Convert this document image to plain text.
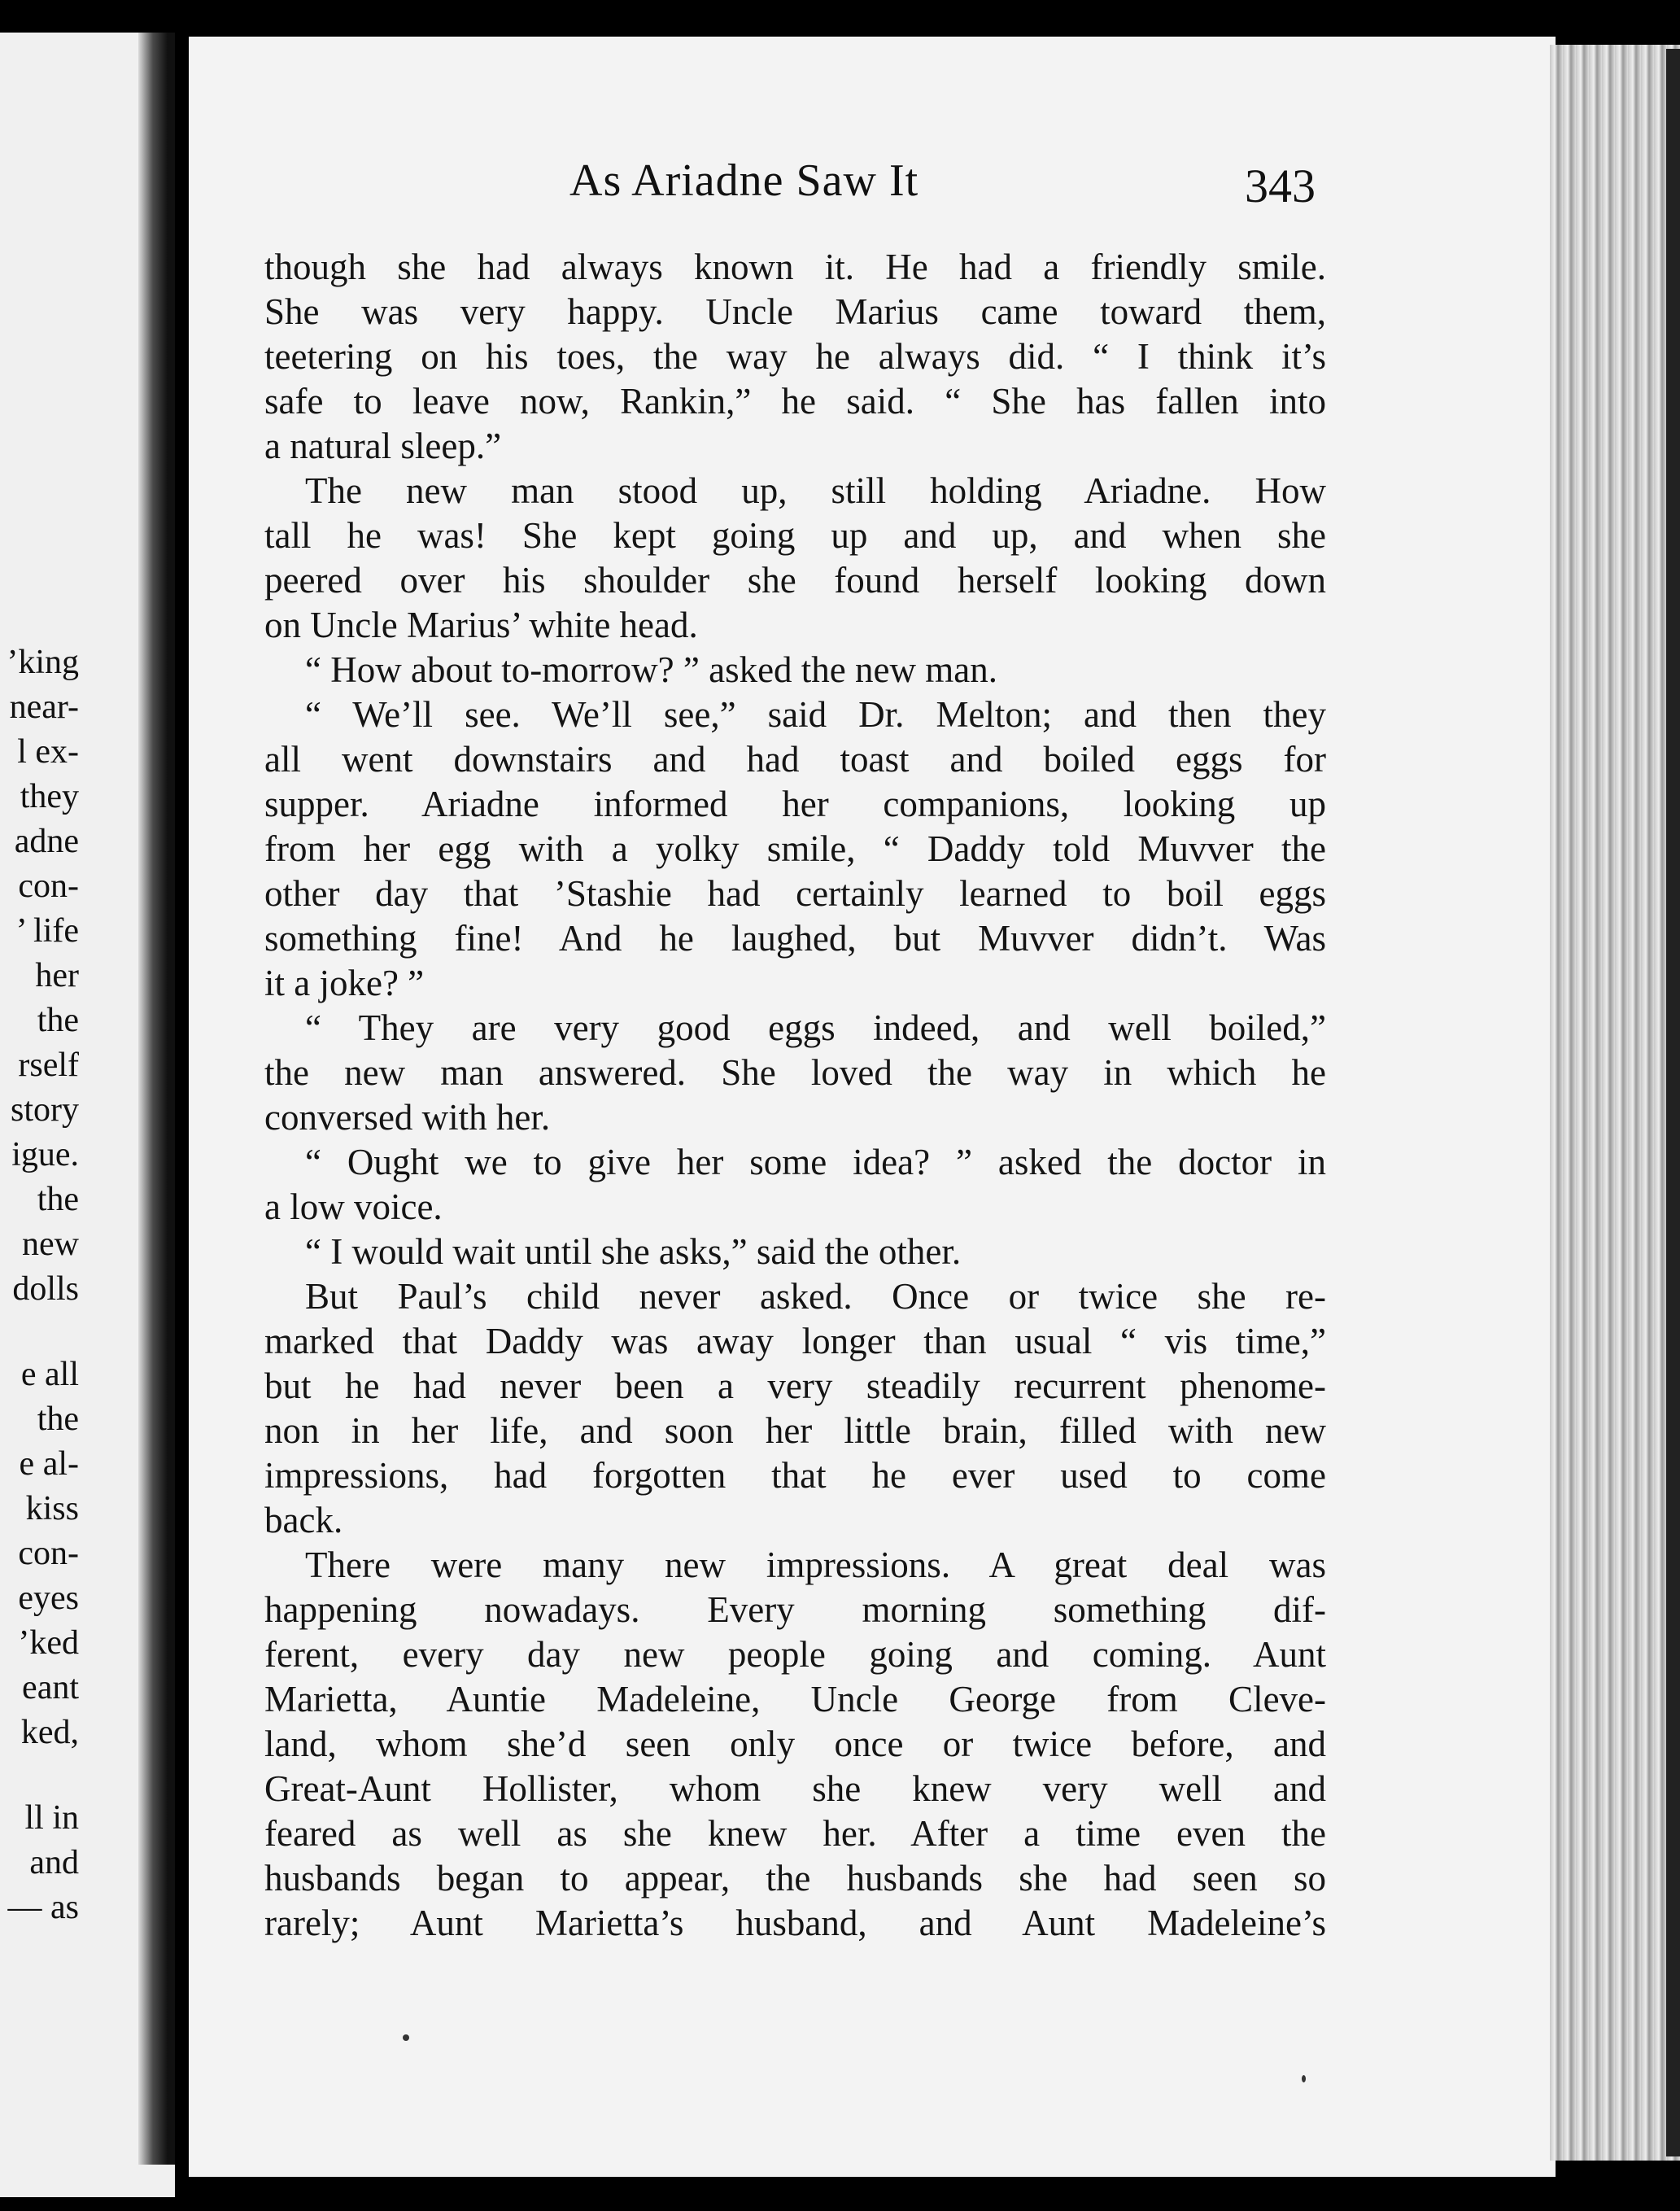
’king
near-
l ex-
they
adne
con-
’ life
her
the
rself
story
igue.
the
new
dolls
e all
the
e al-
kiss
con-
eyes
’ked
eant
ked,
ll in
and
— as
As Ariadne Saw It	343
though she had always known it. He had a friendly smile.
She was very happy. Uncle Marius came toward them,
teetering on his toes, the way he always did. “ I think it’s
safe to leave now, Rankin,” he said. “ She has fallen into
a natural sleep.”
The new man stood up, still holding Ariadne. How
tall he was! She kept going up and up, and when she
peered over his shoulder she found herself looking down
on Uncle Marius’ white head.
“ How about to-morrow? ” asked the new man.
“ We’ll see. We’ll see,” said Dr. Melton; and then they
all went downstairs and had toast and boiled eggs for
supper. Ariadne informed her companions, looking up
from her egg with a yolky smile, “ Daddy told Muvver the
other day that ’Stashie had certainly learned to boil eggs
something fine! And he laughed, but Muvver didn’t. Was
it a joke? ”
“ They are very good eggs indeed, and well boiled,”
the new man answered. She loved the way in which he
conversed with her.
“ Ought we to give her some idea? ” asked the doctor in
a low voice.
“ I would wait until she asks,” said the other.
But Paul’s child never asked. Once or twice she re-
marked that Daddy was away longer than usual “ vis time,”
but he had never been a very steadily recurrent phenome-
non in her life, and soon her little brain, filled with new
impressions, had forgotten that he ever used to come
back.
There were many new impressions. A great deal was
happening nowadays. Every morning something dif-
ferent, every day new people going and coming. Aunt
Marietta, Auntie Madeleine, Uncle George from Cleve-
land, whom she’d seen only once or twice before, and
Great-Aunt Hollister, whom she knew very well and
feared as well as she knew her. After a time even the
husbands began to appear, the husbands she had seen so
rarely; Aunt Marietta’s husband, and Aunt Madeleine’s
